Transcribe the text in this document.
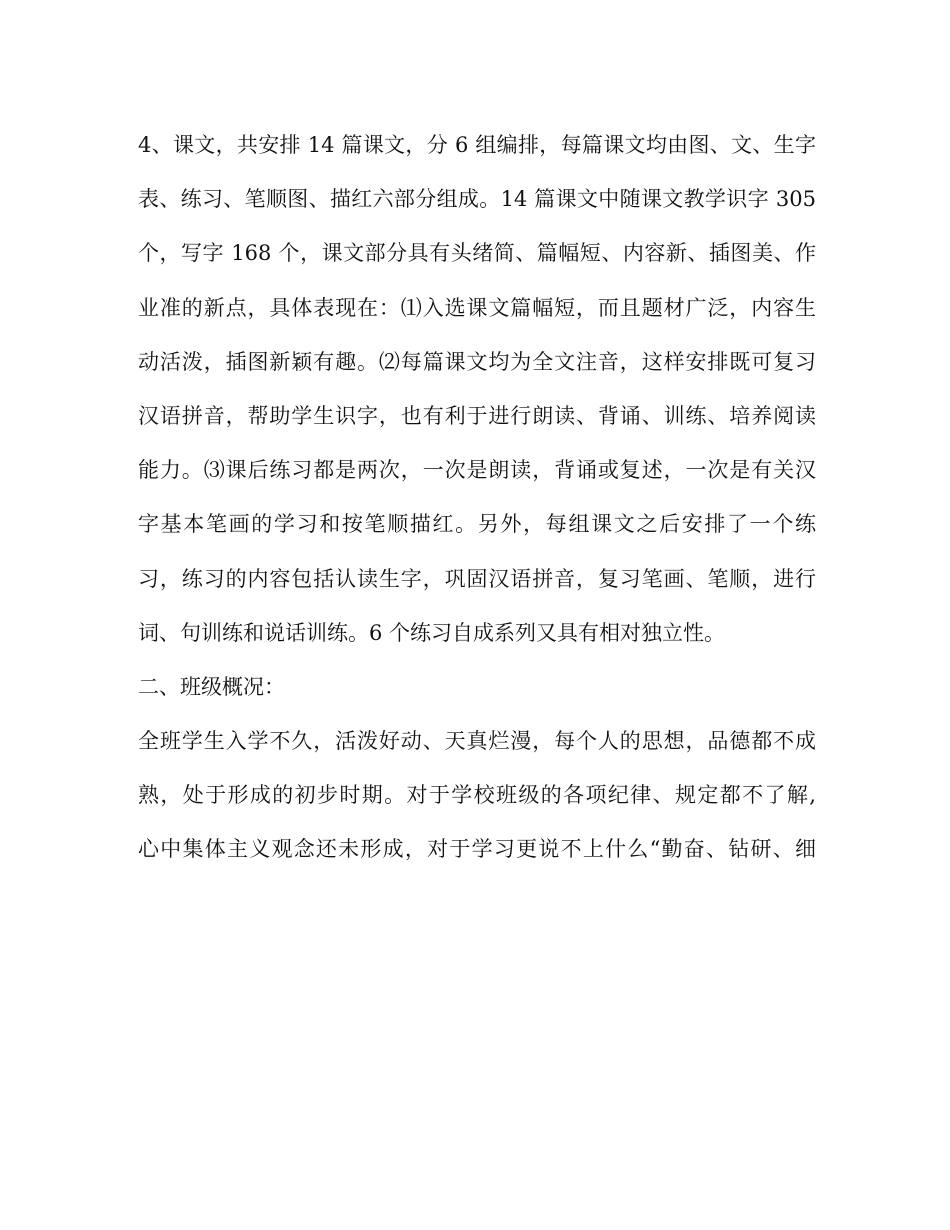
4、课文，共安排 14 篇课文，分 6 组编排，每篇课文均由图、文、生字
表、练习、笔顺图、描红六部分组成。14 篇课文中随课文教学识字 305
个，写字 168 个，课文部分具有头绪简、篇幅短、内容新、插图美、作
业准的新点，具体表现在：⑴入选课文篇幅短，而且题材广泛，内容生
动活泼，插图新颖有趣。⑵每篇课文均为全文注音，这样安排既可复习
汉语拼音，帮助学生识字，也有利于进行朗读、背诵、训练、培养阅读
能力。⑶课后练习都是两次，一次是朗读，背诵或复述，一次是有关汉
字基本笔画的学习和按笔顺描红。另外，每组课文之后安排了一个练
习，练习的内容包括认读生字，巩固汉语拼音，复习笔画、笔顺，进行
词、句训练和说话训练。6 个练习自成系列又具有相对独立性。
二、班级概况：
全班学生入学不久，活泼好动、天真烂漫，每个人的思想，品德都不成
熟，处于形成的初步时期。对于学校班级的各项纪律、规定都不了解,
心中集体主义观念还未形成，对于学习更说不上什么“勤奋、钻研、细
